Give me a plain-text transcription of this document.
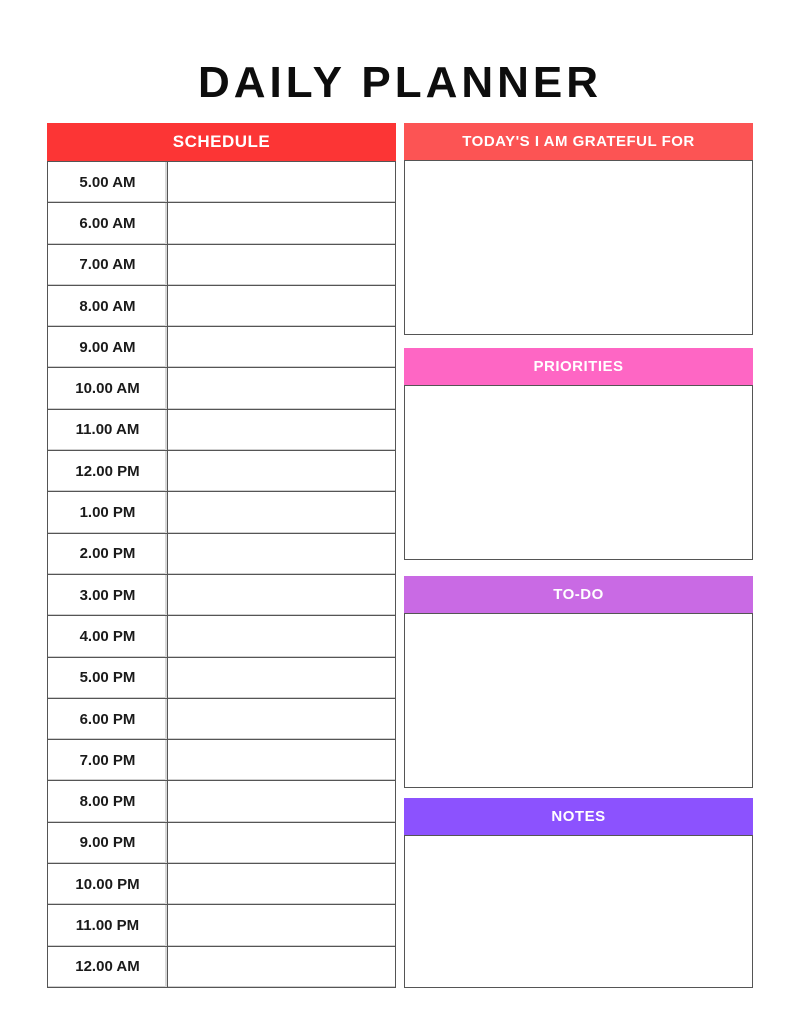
DAILY PLANNER
SCHEDULE
5.00 AM
6.00 AM
7.00 AM
8.00 AM
9.00 AM
10.00 AM
11.00 AM
12.00 PM
1.00 PM
2.00 PM
3.00 PM
4.00 PM
5.00 PM
6.00 PM
7.00 PM
8.00 PM
9.00 PM
10.00 PM
11.00 PM
12.00 AM
TODAY'S I AM GRATEFUL FOR
PRIORITIES
TO-DO
NOTES
